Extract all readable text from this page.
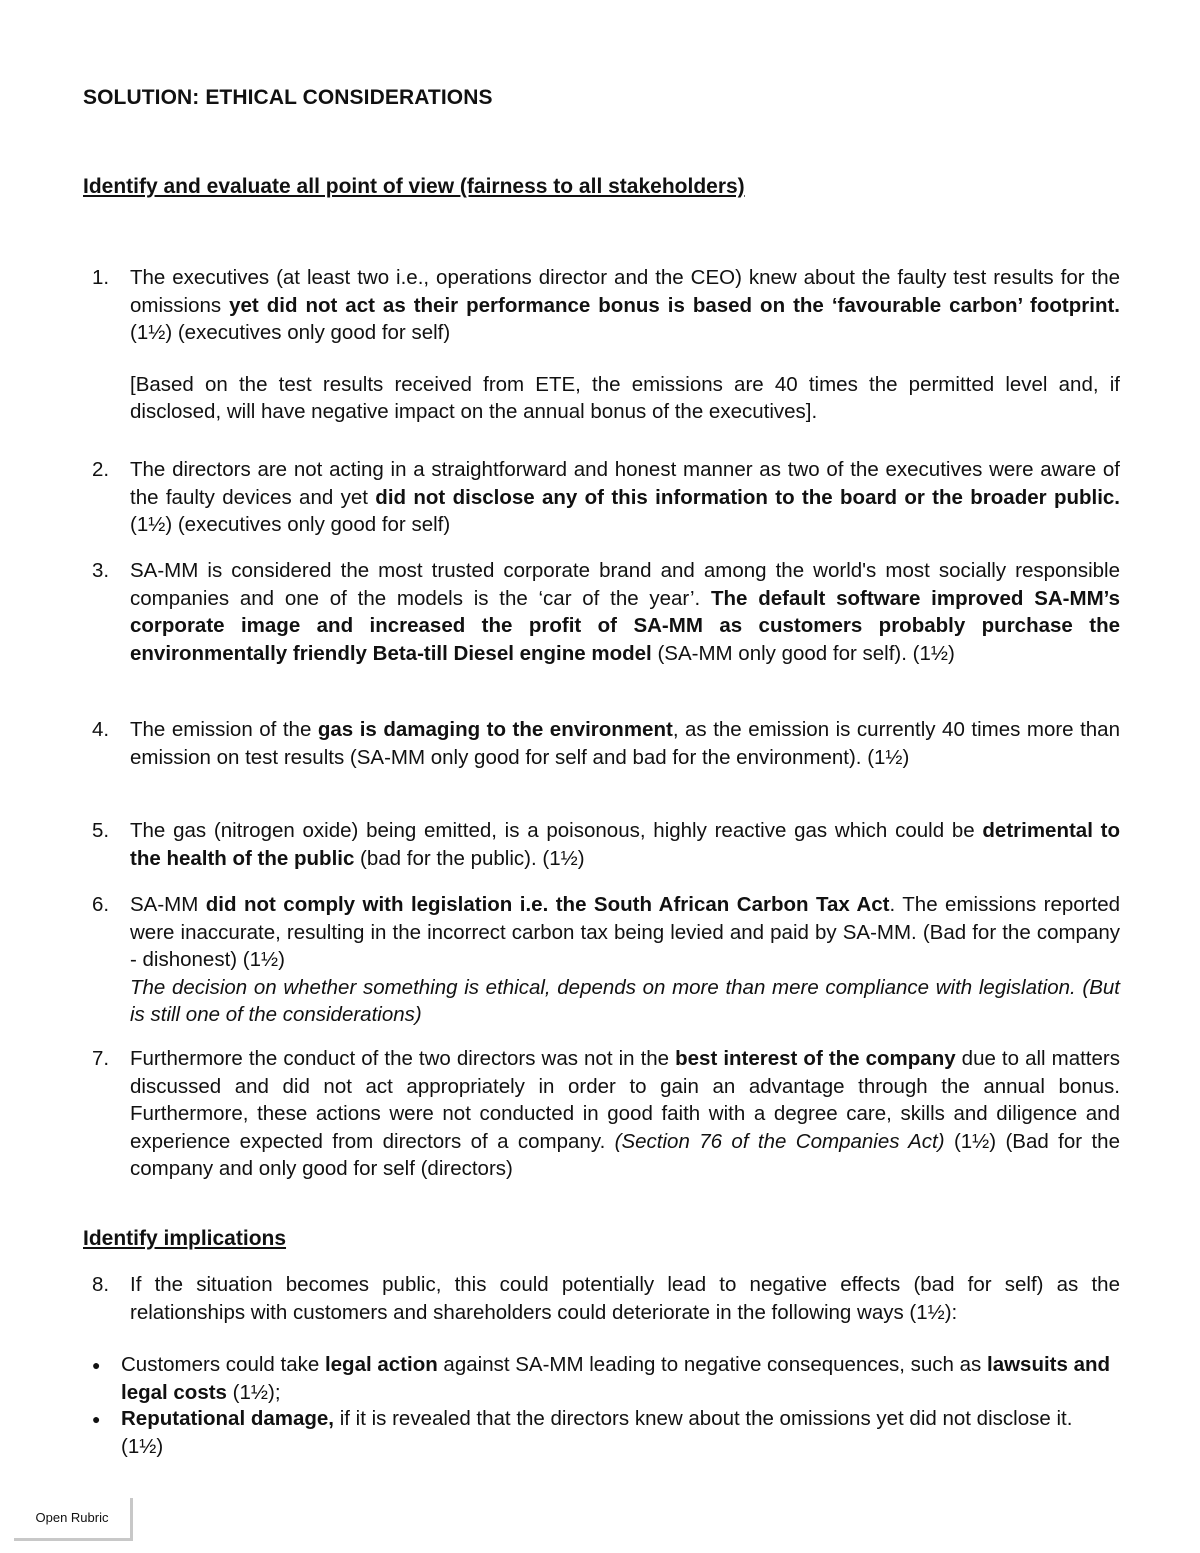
SOLUTION: ETHICAL CONSIDERATIONS
Identify and evaluate all point of view (fairness to all stakeholders)
1.	The executives (at least two i.e., operations director and the CEO) knew about the faulty test results for the omissions yet did not act as their performance bonus is based on the ‘favourable carbon’ footprint. (1½) (executives only good for self)

[Based on the test results received from ETE, the emissions are 40 times the permitted level and, if disclosed, will have negative impact on the annual bonus of the executives].

2.	The directors are not acting in a straightforward and honest manner as two of the executives were aware of the faulty devices and yet did not disclose any of this information to the board or the broader public. (1½) (executives only good for self)

3.	SA-MM is considered the most trusted corporate brand and among the world's most socially responsible companies and one of the models is the ‘car of the year’. The default software improved SA-MM’s corporate image and increased the profit of SA-MM as customers probably purchase the environmentally friendly Beta-till Diesel engine model (SA-MM only good for self). (1½)

4.	The emission of the gas is damaging to the environment, as the emission is currently 40 times more than emission on test results (SA-MM only good for self and bad for the environment). (1½)

5.	The gas (nitrogen oxide) being emitted, is a poisonous, highly reactive gas which could be detrimental to the health of the public (bad for the public). (1½)

6.	SA-MM did not comply with legislation i.e. the South African Carbon Tax Act. The emissions reported were inaccurate, resulting in the incorrect carbon tax being levied and paid by SA-MM. (Bad for the company - dishonest) (1½)

The decision on whether something is ethical, depends on more than mere compliance with legislation. (But is still one of the considerations)

7.	Furthermore the conduct of the two directors was not in the best interest of the company due to all matters discussed and did not act appropriately in order to gain an advantage through the annual bonus. Furthermore, these actions were not conducted in good faith with a degree care, skills and diligence and experience expected from directors of a company. (Section 76 of the Companies Act) (1½) (Bad for the company and only good for self (directors)

Identify implications
8.	If the situation becomes public, this could potentially lead to negative effects (bad for self) as the relationships with customers and shareholders could deteriorate in the following ways (1½):

●	Customers could take legal action against SA-MM leading to negative consequences, such as lawsuits and legal costs (1½);
●	Reputational damage, if it is revealed that the directors knew about the omissions yet did not disclose it. (1½)
Open Rubric
